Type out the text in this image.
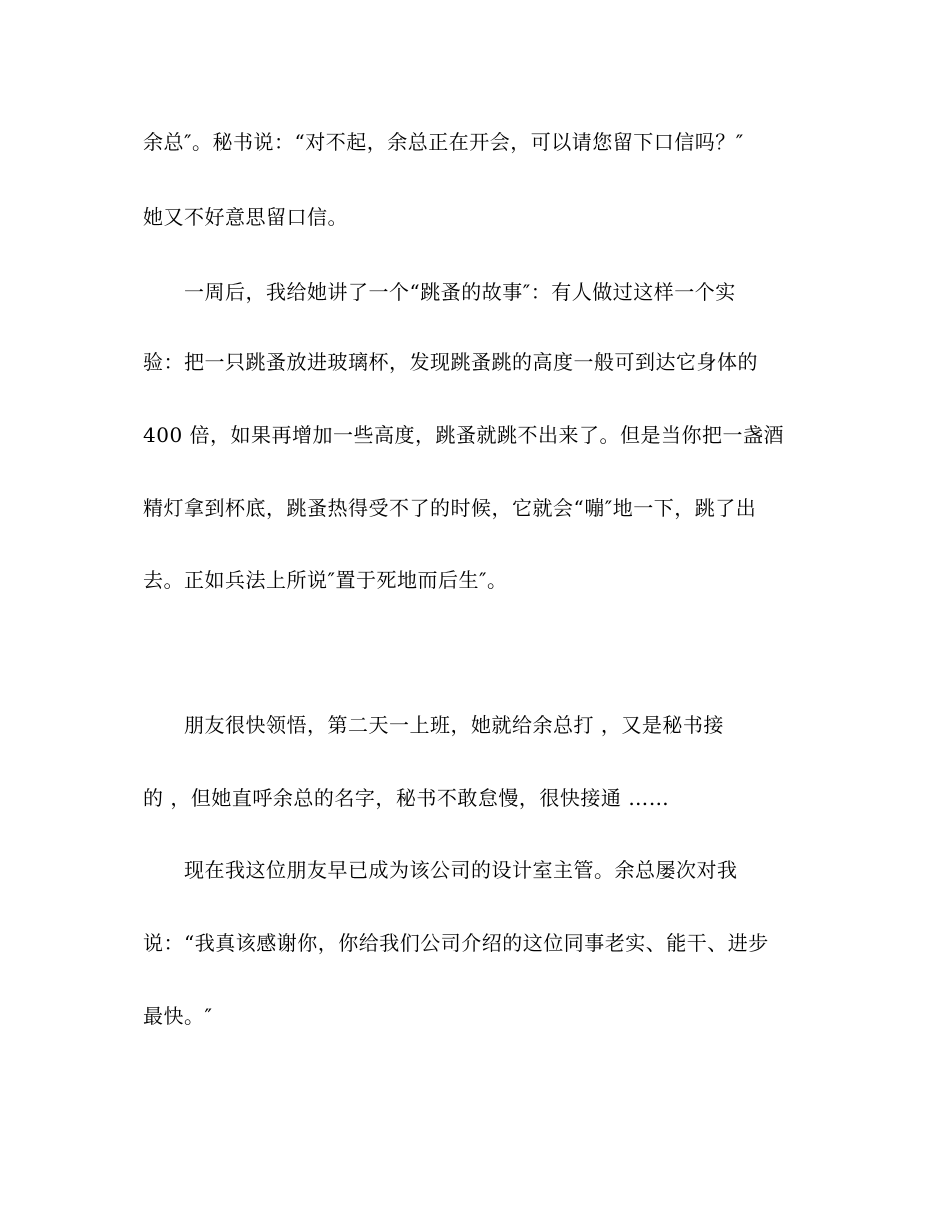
余总″。秘书说：“对不起，余总正在开会，可以请您留下口信吗？″
她又不好意思留口信。
一周后，我给她讲了一个“跳蚤的故事″：有人做过这样一个实
验：把一只跳蚤放进玻璃杯，发现跳蚤跳的高度一般可到达它身体的
400 倍，如果再增加一些高度，跳蚤就跳不出来了。但是当你把一盏酒
精灯拿到杯底，跳蚤热得受不了的时候，它就会“嘣″地一下，跳了出
去。正如兵法上所说″置于死地而后生″。
朋友很快领悟，第二天一上班，她就给余总打 ，又是秘书接
的 ，但她直呼余总的名字，秘书不敢怠慢，很快接通 ……
现在我这位朋友早已成为该公司的设计室主管。余总屡次对我
说：“我真该感谢你，你给我们公司介绍的这位同事老实、能干、进步
最快。″
